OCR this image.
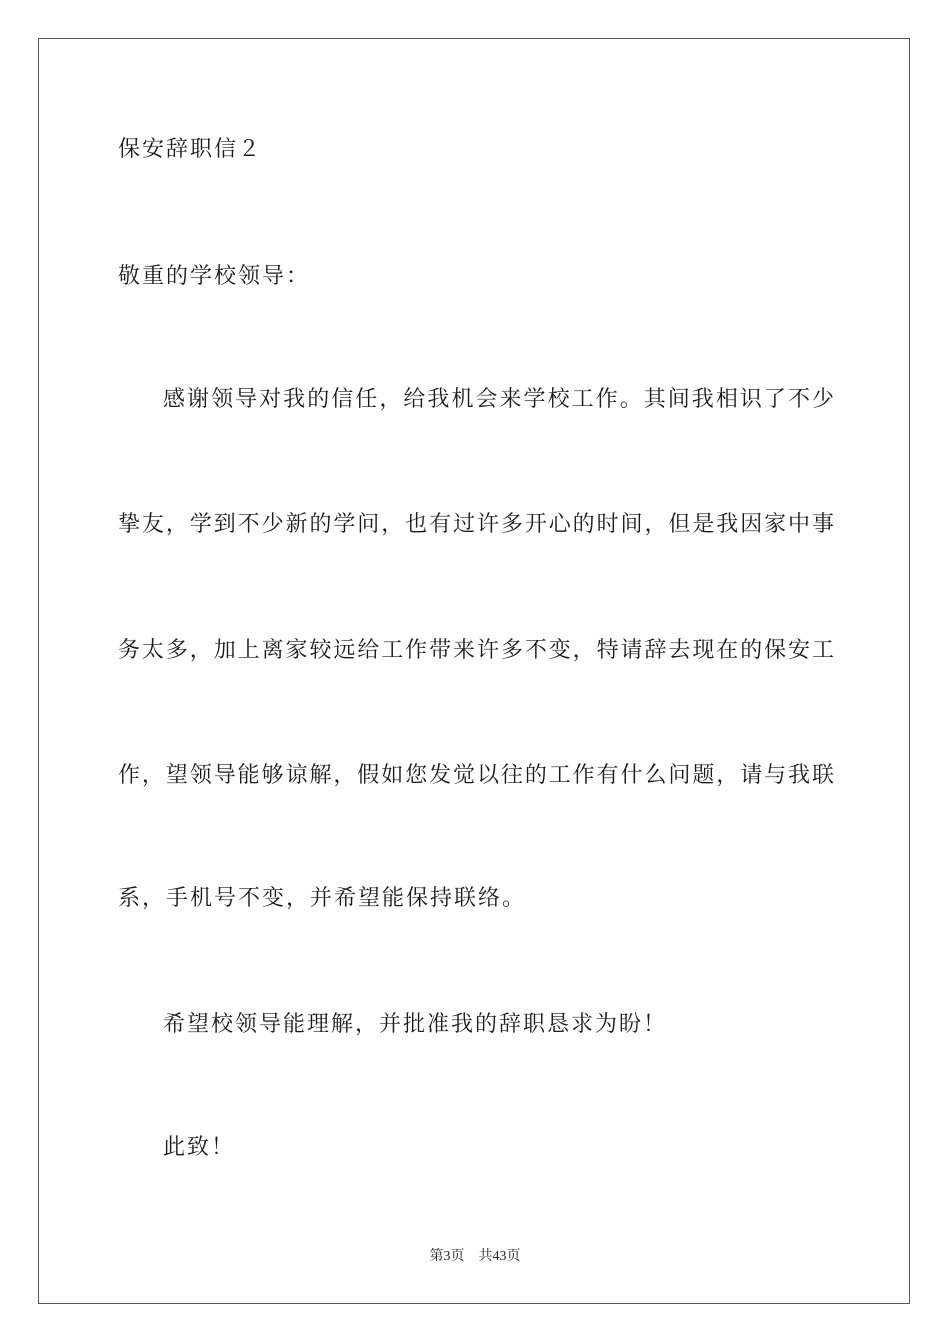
保安辞职信２
敬重的学校领导：
感谢领导对我的信任，给我机会来学校工作。其间我相识了不少
挚友，学到不少新的学问，也有过许多开心的时间，但是我因家中事
务太多，加上离家较远给工作带来许多不变，特请辞去现在的保安工
作，望领导能够谅解，假如您发觉以往的工作有什么问题，请与我联
系，手机号不变，并希望能保持联络。
希望校领导能理解，并批准我的辞职恳求为盼！
此致！
第3页 共43页
